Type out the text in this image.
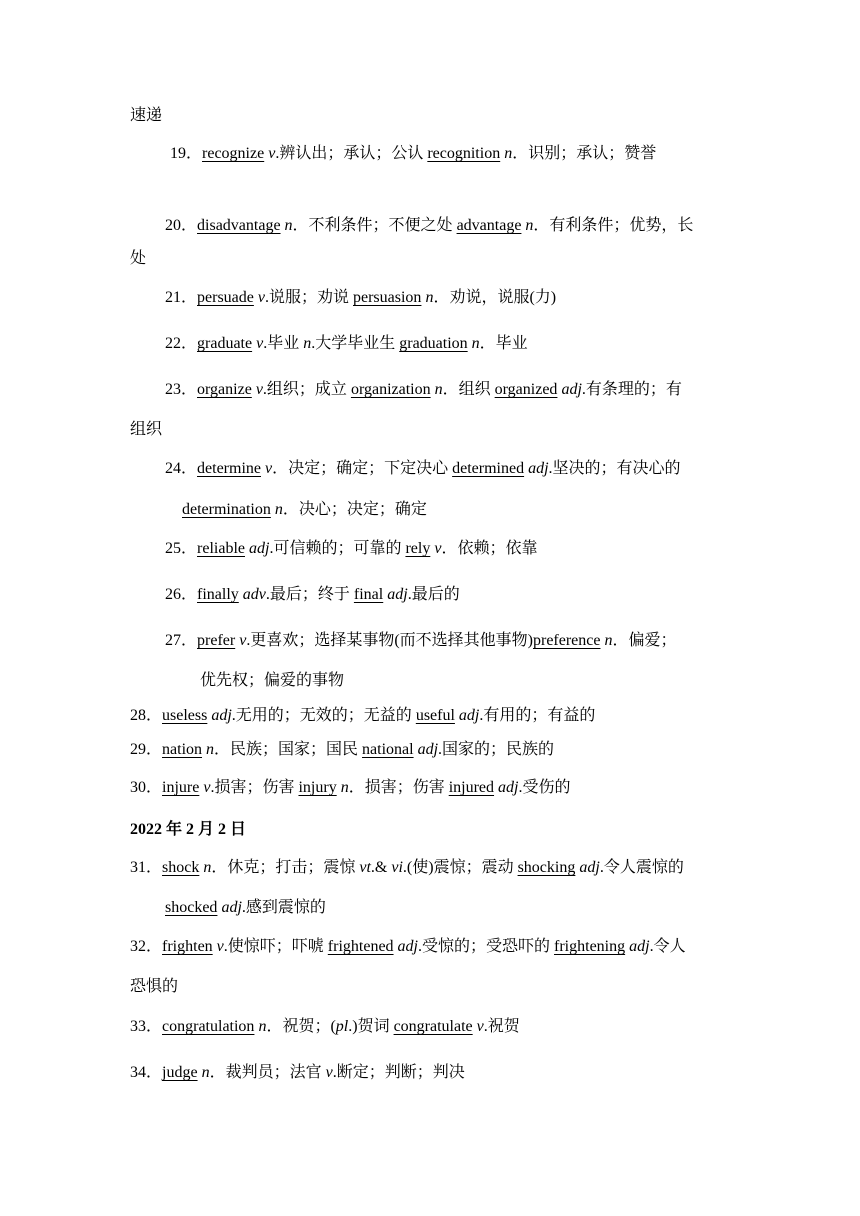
速递
19．recognize v.辨认出；承认；公认 recognition n．识别；承认；赞誉
20．disadvantage n．不利条件；不便之处 advantage n．有利条件；优势，长
处
21．persuade v.说服；劝说 persuasion n．劝说，说服(力)
22．graduate v.毕业 n.大学毕业生 graduation n．毕业
23．organize v.组织；成立 organization n．组织 organized adj.有条理的；有
组织
24．determine v．决定；确定；下定决心 determined adj.坚决的；有决心的
determination n．决心；决定；确定
25．reliable adj.可信赖的；可靠的 rely v．依赖；依靠
26．finally adv.最后；终于 final adj.最后的
27．prefer v.更喜欢；选择某事物(而不选择其他事物)preference n．偏爱；
优先权；偏爱的事物
28．useless adj.无用的；无效的；无益的 useful adj.有用的；有益的
29．nation n．民族；国家；国民 national adj.国家的；民族的
30．injure v.损害；伤害 injury n．损害；伤害 injured adj.受伤的
2022 年 2 月 2 日
31．shock n．休克；打击；震惊 vt.& vi.(使)震惊；震动 shocking adj.令人震惊的
shocked adj.感到震惊的
32．frighten v.使惊吓；吓唬 frightened adj.受惊的；受恐吓的 frightening adj.令人
恐惧的
33．congratulation n．祝贺；(pl.)贺词 congratulate v.祝贺
34．judge n．裁判员；法官 v.断定；判断；判决
